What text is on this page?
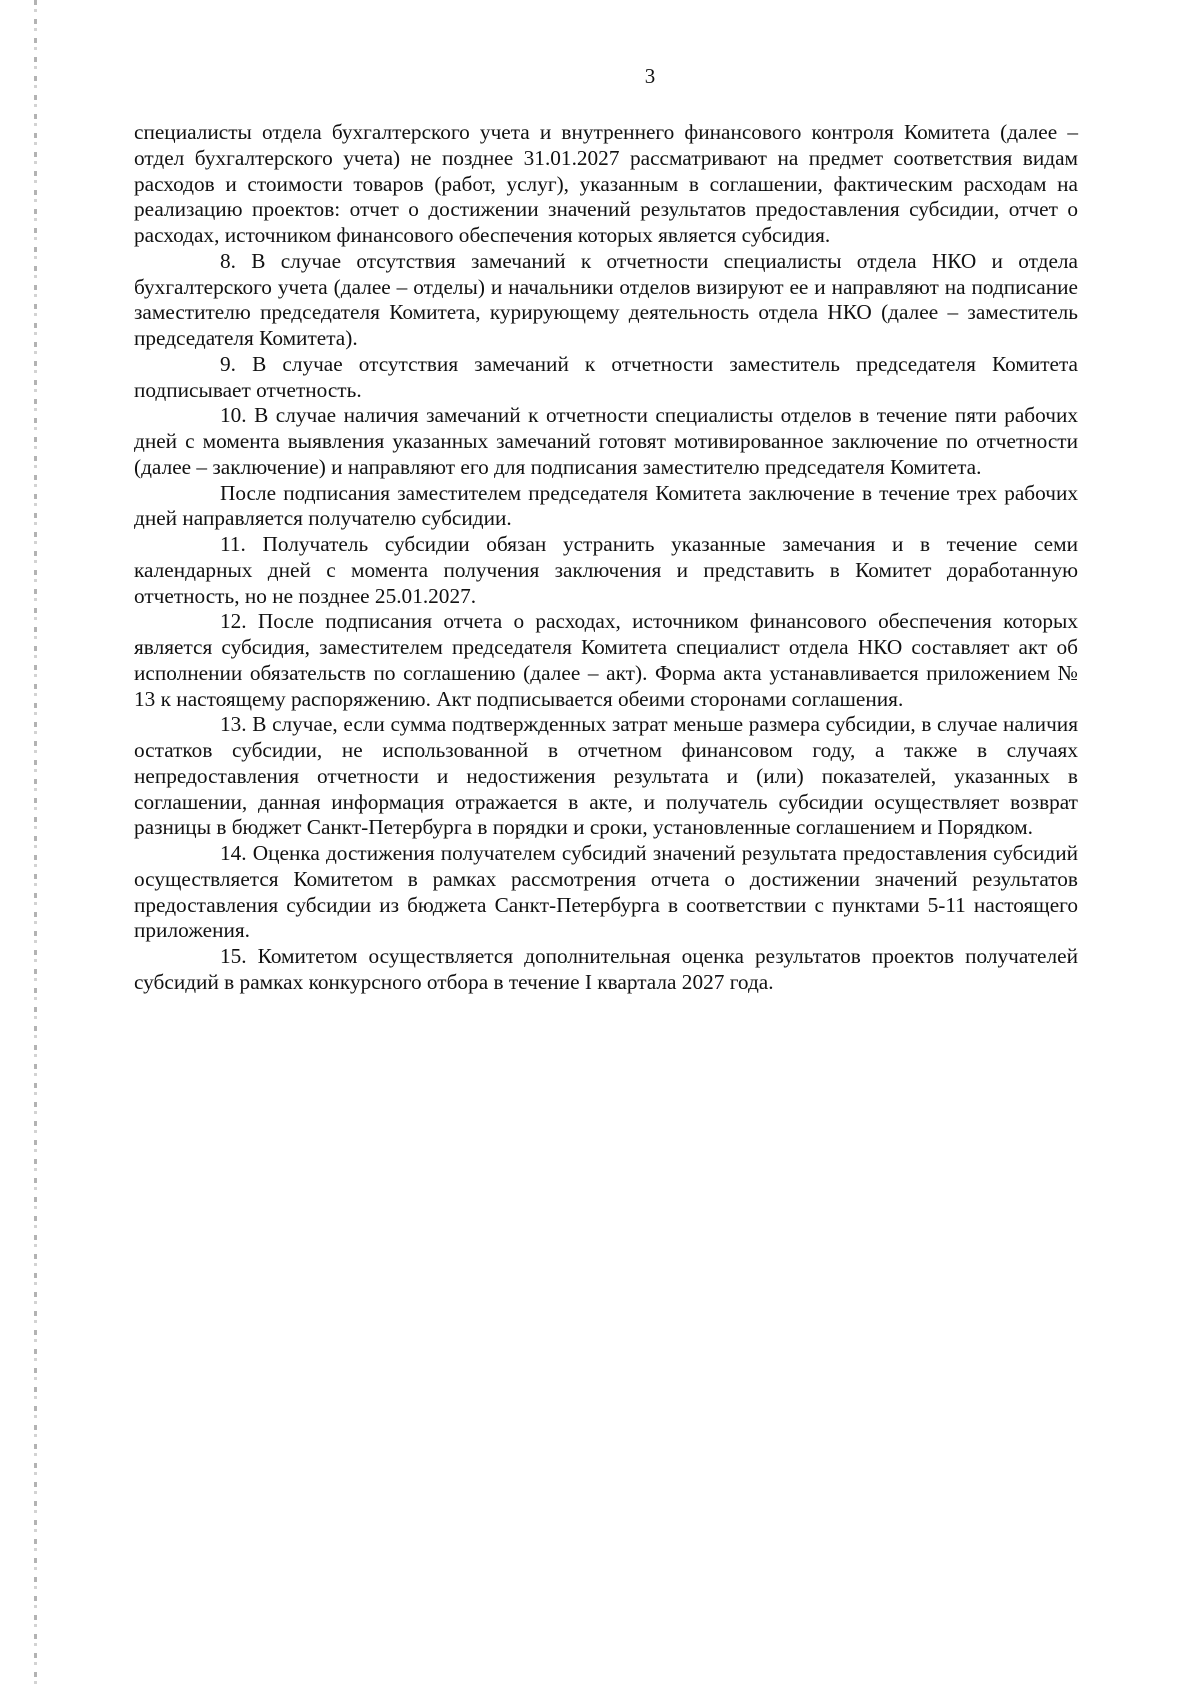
3

специалисты отдела бухгалтерского учета и внутреннего финансового контроля Комитета (далее – отдел бухгалтерского учета) не позднее 31.01.2027 рассматривают на предмет соответствия видам расходов и стоимости товаров (работ, услуг), указанным в соглашении, фактическим расходам на реализацию проектов: отчет о достижении значений результатов предоставления субсидии, отчет о расходах, источником финансового обеспечения которых является субсидия.

8. В случае отсутствия замечаний к отчетности специалисты отдела НКО и отдела бухгалтерского учета (далее – отделы) и начальники отделов визируют ее и направляют на подписание заместителю председателя Комитета, курирующему деятельность отдела НКО (далее – заместитель председателя Комитета).

9. В случае отсутствия замечаний к отчетности заместитель председателя Комитета подписывает отчетность.

10. В случае наличия замечаний к отчетности специалисты отделов в течение пяти рабочих дней с момента выявления указанных замечаний готовят мотивированное заключение по отчетности (далее – заключение) и направляют его для подписания заместителю председателя Комитета.

После подписания заместителем председателя Комитета заключение в течение трех рабочих дней направляется получателю субсидии.

11. Получатель субсидии обязан устранить указанные замечания и в течение семи календарных дней с момента получения заключения и представить в Комитет доработанную отчетность, но не позднее 25.01.2027.

12. После подписания отчета о расходах, источником финансового обеспечения которых является субсидия, заместителем председателя Комитета специалист отдела НКО составляет акт об исполнении обязательств по соглашению (далее – акт). Форма акта устанавливается приложением № 13 к настоящему распоряжению. Акт подписывается обеими сторонами соглашения.

13. В случае, если сумма подтвержденных затрат меньше размера субсидии, в случае наличия остатков субсидии, не использованной в отчетном финансовом году, а также в случаях непредоставления отчетности и недостижения результата и (или) показателей, указанных в соглашении, данная информация отражается в акте, и получатель субсидии осуществляет возврат разницы в бюджет Санкт-Петербурга в порядки и сроки, установленные соглашением и Порядком.

14. Оценка достижения получателем субсидий значений результата предоставления субсидий осуществляется Комитетом в рамках рассмотрения отчета о достижении значений результатов предоставления субсидии из бюджета Санкт-Петербурга в соответствии с пунктами 5-11 настоящего приложения.

15. Комитетом осуществляется дополнительная оценка результатов проектов получателей субсидий в рамках конкурсного отбора в течение I квартала 2027 года.
